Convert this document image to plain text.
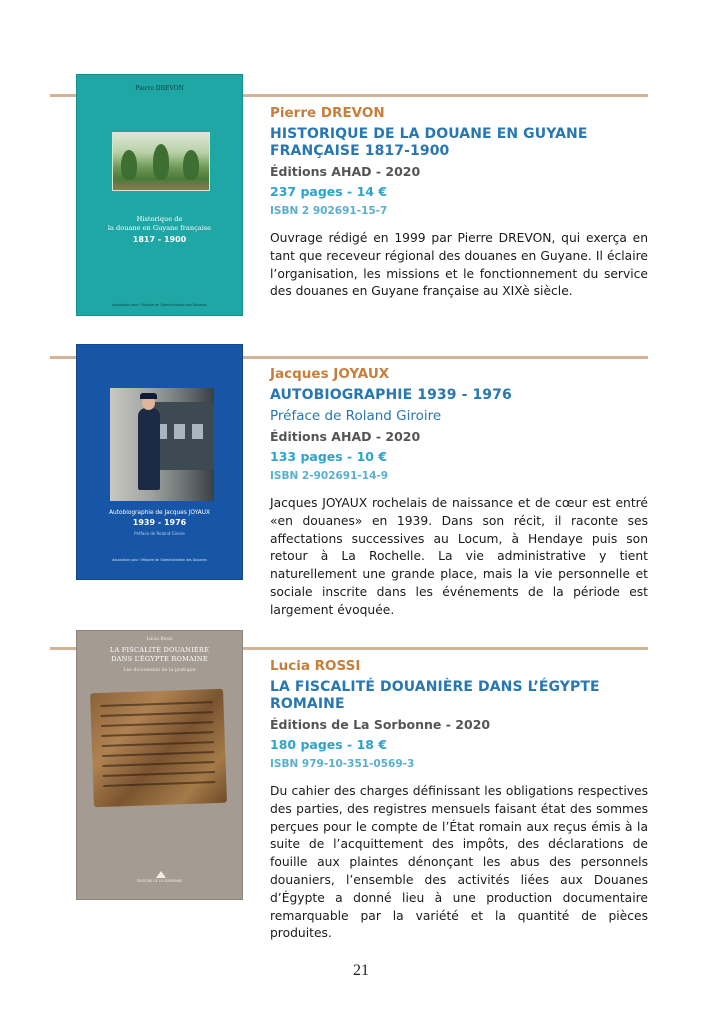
Pierre DREVON
Historique de
la douane en Guyane française
1817 - 1900
Association pour l’Histoire de l’Administration des Douanes
Pierre DREVON
HISTORIQUE DE LA DOUANE EN GUYANE
FRANÇAISE 1817-1900
Éditions AHAD - 2020
237 pages - 14 €
ISBN 2 902691-15-7

Ouvrage rédigé en 1999 par Pierre DREVON, qui exerça en tant que receveur régional des douanes en Guyane. Il éclaire l’organisation, les missions et le fonctionnement du service des douanes en Guyane française au XIXè siècle.

Autobiographie de Jacques JOYAUX
1939 - 1976
Préface de Roland Giroire
Association pour l’Histoire de l’Administration des Douanes
Jacques JOYAUX
AUTOBIOGRAPHIE 1939 - 1976
Préface de Roland Giroire
Éditions AHAD - 2020
133 pages - 10 €
ISBN 2-902691-14-9

Jacques JOYAUX rochelais de naissance et de cœur est entré «en douanes» en 1939. Dans son récit, il raconte ses affectations successives au Locum, à Hendaye puis son retour à La Rochelle. La vie administrative y tient naturellement une grande place, mais la vie personnelle et sociale inscrite dans les événements de la période est largement évoquée.

Lucia Rossi
LA FISCALITÉ DOUANIÈRE
DANS L’ÉGYPTE ROMAINE
Les documents de la pratique
ÉDITIONS DE LA SORBONNE
Lucia ROSSI
LA FISCALITÉ DOUANIÈRE DANS L’ÉGYPTE
ROMAINE
Éditions de La Sorbonne - 2020
180 pages - 18 €
ISBN 979-10-351-0569-3

Du cahier des charges définissant les obligations respectives des parties, des registres mensuels faisant état des sommes perçues pour le compte de l’État romain aux reçus émis à la suite de l’acquittement des impôts, des déclarations de fouille aux plaintes dénonçant les abus des personnels douaniers, l’ensemble des activités liées aux Douanes d’Égypte a donné lieu à une production documentaire remarquable par la variété et la quantité de pièces produites.

21
